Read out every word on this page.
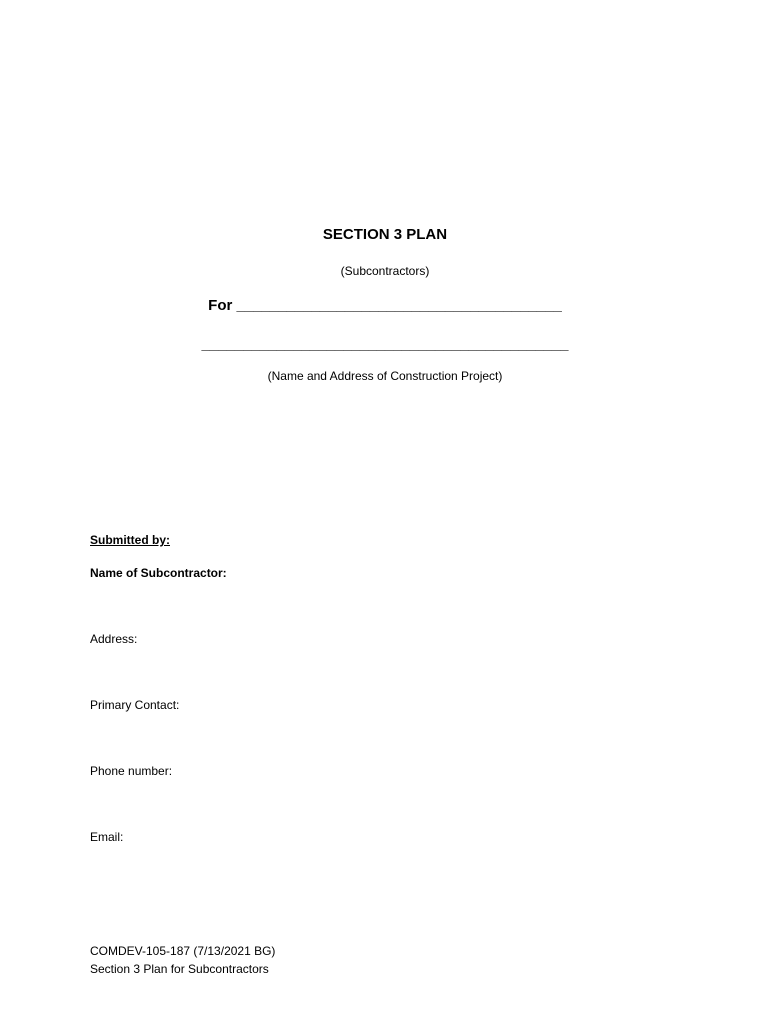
SECTION 3 PLAN
(Subcontractors)
For _______________________________________
____________________________________________
(Name and Address of Construction Project)
Submitted by:
Name of Subcontractor:
Address:
Primary Contact:
Phone number:
Email:
COMDEV-105-187 (7/13/2021 BG)
Section 3 Plan for Subcontractors
